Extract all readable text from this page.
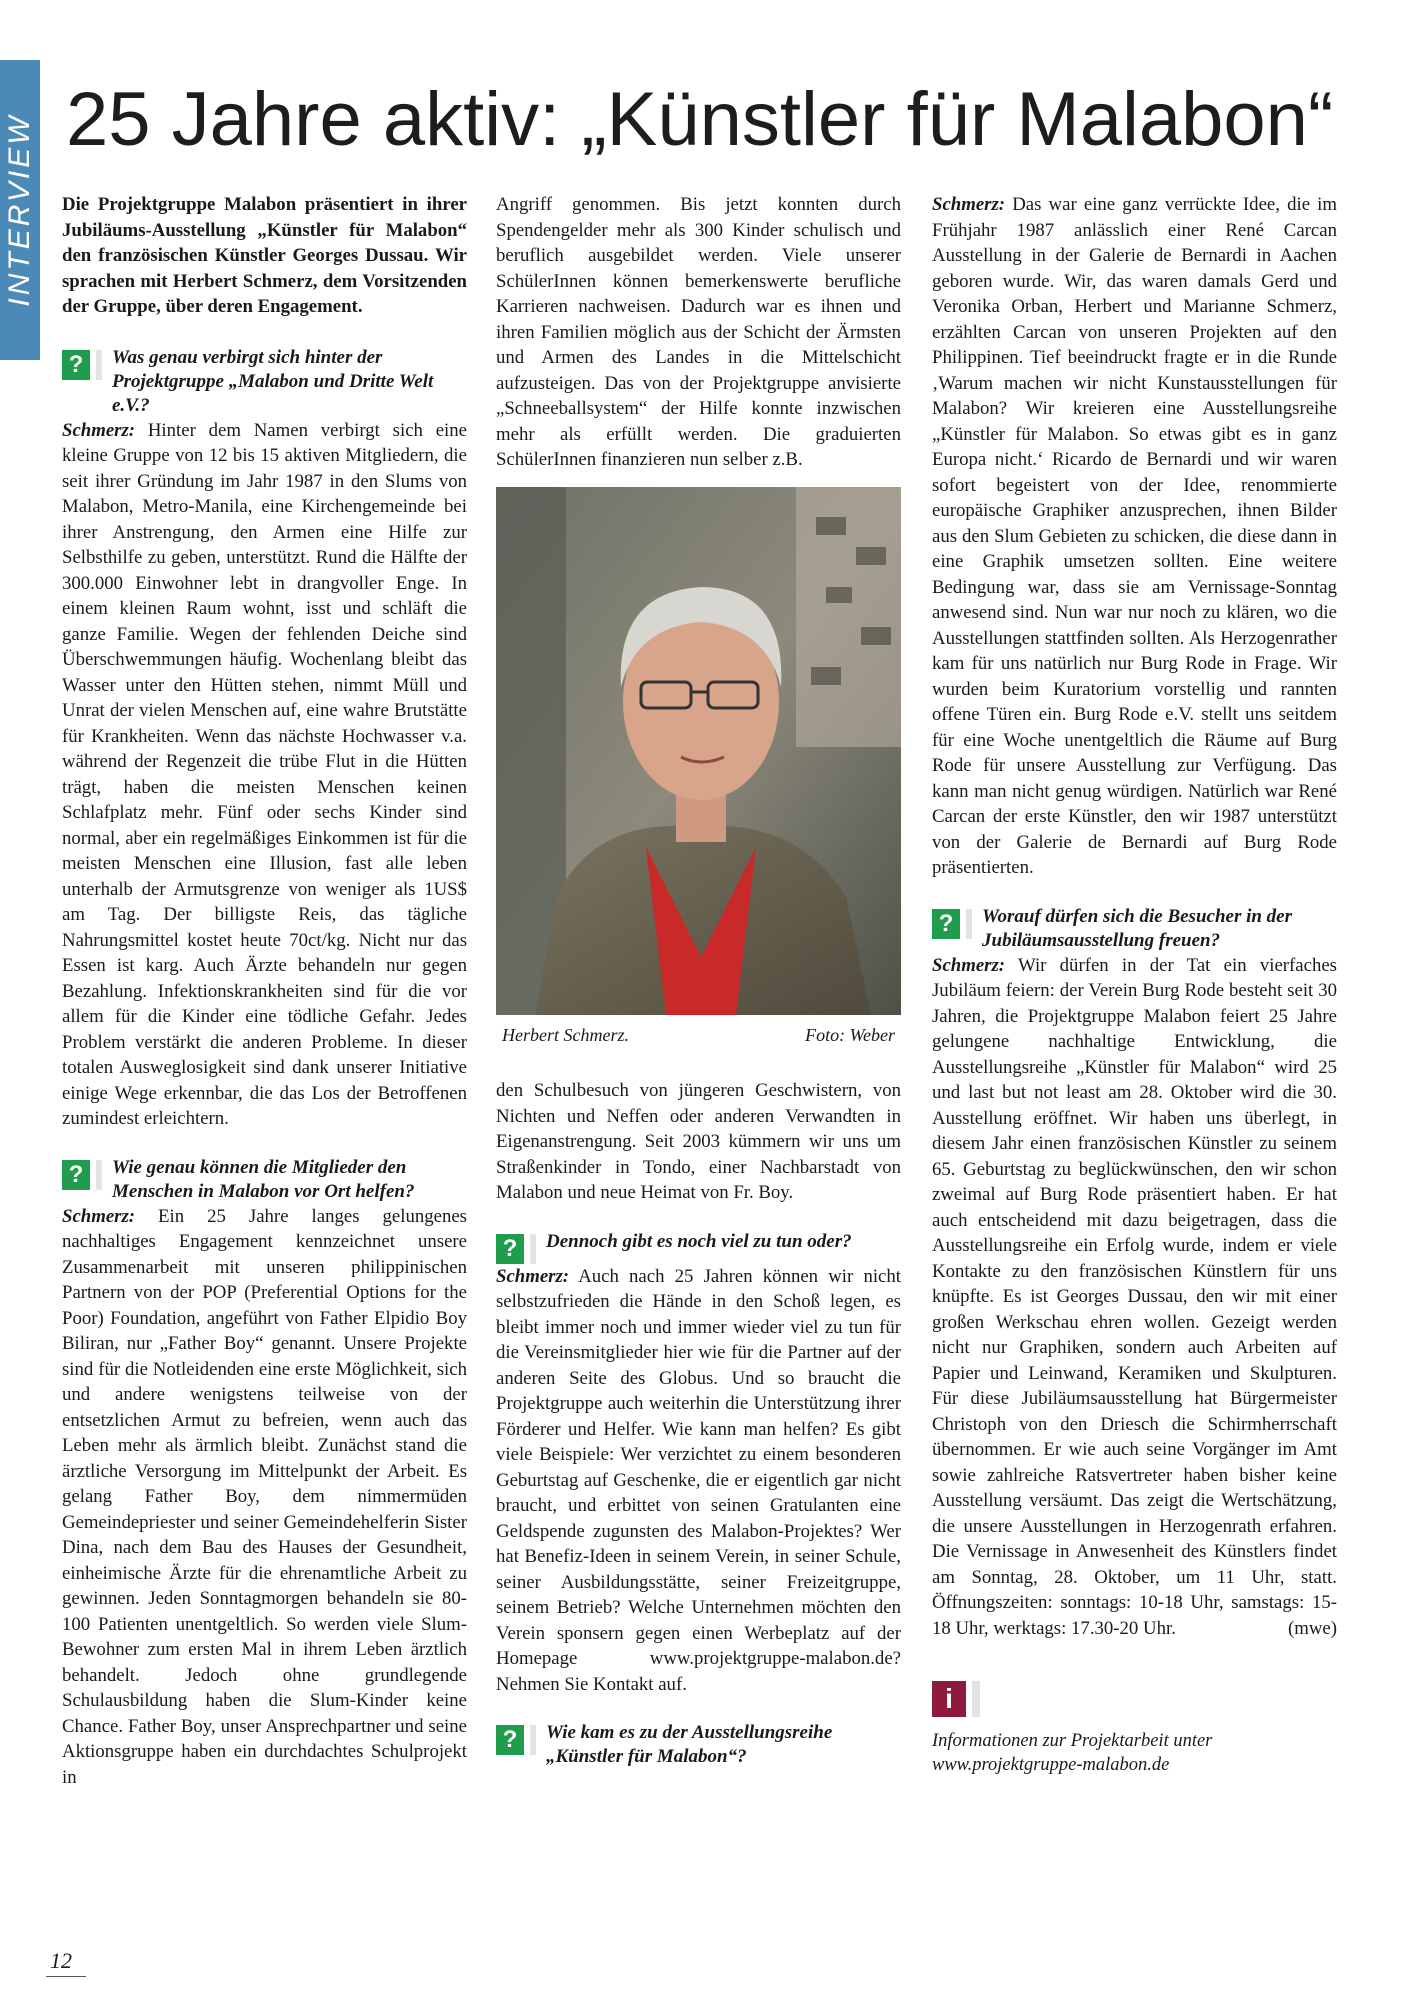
INTERVIEW 25 Jahre aktiv: „Künstler für Malabon“

Die Projektgruppe Malabon präsentiert in ihrer Jubiläums-Ausstellung „Künstler für Malabon“ den französischen Künstler Georges Dussau. Wir sprachen mit Herbert Schmerz, dem Vorsitzenden der Gruppe, über deren Engagement.

?	Was genau verbirgt sich hinter der Projektgruppe „Malabon und Dritte Welt e.V.?

Schmerz: Hinter dem Namen verbirgt sich eine kleine Gruppe von 12 bis 15 aktiven Mitgliedern, die seit ihrer Gründung im Jahr 1987 in den Slums von Malabon, Metro-Manila, eine Kirchengemeinde bei ihrer Anstrengung, den Armen eine Hilfe zur Selbsthilfe zu geben, unterstützt. Rund die Hälfte der 300.000 Einwohner lebt in drangvoller Enge. In einem kleinen Raum wohnt, isst und schläft die ganze Familie. Wegen der fehlenden Deiche sind Überschwemmungen häufig. Wochenlang bleibt das Wasser unter den Hütten stehen, nimmt Müll und Unrat der vielen Menschen auf, eine wahre Brutstätte für Krankheiten. Wenn das nächste Hochwasser v.a. während der Regenzeit die trübe Flut in die Hütten trägt, haben die meisten Menschen keinen Schlafplatz mehr. Fünf oder sechs Kinder sind normal, aber ein regelmäßiges Einkommen ist für die meisten Menschen eine Illusion, fast alle leben unterhalb der Armutsgrenze von weniger als 1US$ am Tag. Der billigste Reis, das tägliche Nahrungsmittel kostet heute 70ct/kg. Nicht nur das Essen ist karg. Auch Ärzte behandeln nur gegen Bezahlung. Infektionskrankheiten sind für die vor allem für die Kinder eine tödliche Gefahr. Jedes Problem verstärkt die anderen Probleme. In dieser totalen Ausweglosigkeit sind dank unserer Initiative einige Wege erkennbar, die das Los der Betroffenen zumindest erleichtern.

?	Wie genau können die Mitglieder den Menschen in Malabon vor Ort helfen?

Schmerz: Ein 25 Jahre langes gelungenes nachhaltiges Engagement kennzeichnet unsere Zusammenarbeit mit unseren philippinischen Partnern von der POP (Preferential Options for the Poor) Foundation, angeführt von Father Elpidio Boy Biliran, nur „Father Boy“ genannt. Unsere Projekte sind für die Notleidenden eine erste Möglichkeit, sich und andere wenigstens teilweise von der entsetzlichen Armut zu befreien, wenn auch das Leben mehr als ärmlich bleibt. Zunächst stand die ärztliche Versorgung im Mittelpunkt der Arbeit. Es gelang Father Boy, dem nimmermüden Gemeindepriester und seiner Gemeindehelferin Sister Dina, nach dem Bau des Hauses der Gesundheit, einheimische Ärzte für die ehrenamtliche Arbeit zu gewinnen. Jeden Sonntagmorgen behandeln sie 80-100 Patienten unentgeltlich. So werden viele Slum-Bewohner zum ersten Mal in ihrem Leben ärztlich behandelt. Jedoch ohne grundlegende Schulausbildung haben die Slum-Kinder keine Chance. Father Boy, unser Ansprechpartner und seine Aktionsgruppe haben ein durchdachtes Schulprojekt in

Angriff genommen. Bis jetzt konnten durch Spendengelder mehr als 300 Kinder schulisch und beruflich ausgebildet werden. Viele unserer SchülerInnen können bemerkenswerte berufliche Karrieren nachweisen. Dadurch war es ihnen und ihren Familien möglich aus der Schicht der Ärmsten und Armen des Landes in die Mittelschicht aufzusteigen. Das von der Projektgruppe anvisierte „Schneeballsystem“ der Hilfe konnte inzwischen mehr als erfüllt werden. Die graduierten SchülerInnen finanzieren nun selber z.B.

Herbert Schmerz.	Foto: Weber

den Schulbesuch von jüngeren Geschwistern, von Nichten und Neffen oder anderen Verwandten in Eigenanstrengung. Seit 2003 kümmern wir uns um Straßenkinder in Tondo, einer Nachbarstadt von Malabon und neue Heimat von Fr. Boy.

?	Dennoch gibt es noch viel zu tun oder?

Schmerz: Auch nach 25 Jahren können wir nicht selbstzufrieden die Hände in den Schoß legen, es bleibt immer noch und immer wieder viel zu tun für die Vereinsmitglieder hier wie für die Partner auf der anderen Seite des Globus. Und so braucht die Projektgruppe auch weiterhin die Unterstützung ihrer Förderer und Helfer. Wie kann man helfen? Es gibt viele Beispiele: Wer verzichtet zu einem besonderen Geburtstag auf Geschenke, die er eigentlich gar nicht braucht, und erbittet von seinen Gratulanten eine Geldspende zugunsten des Malabon-Projektes? Wer hat Benefiz-Ideen in seinem Verein, in seiner Schule, seiner Ausbildungsstätte, seiner Freizeitgruppe, seinem Betrieb? Welche Unternehmen möchten den Verein sponsern gegen einen Werbeplatz auf der Homepage www.projektgruppe-malabon.de? Nehmen Sie Kontakt auf.

?	Wie kam es zu der Ausstellungsreihe „Künstler für Malabon“?

Schmerz: Das war eine ganz verrückte Idee, die im Frühjahr 1987 anlässlich einer René Carcan Ausstellung in der Galerie de Bernardi in Aachen geboren wurde. Wir, das waren damals Gerd und Veronika Orban, Herbert und Marianne Schmerz, erzählten Carcan von unseren Projekten auf den Philippinen. Tief beeindruckt fragte er in die Runde ‚Warum machen wir nicht Kunstausstellungen für Malabon? Wir kreieren eine Ausstellungsreihe „Künstler für Malabon. So etwas gibt es in ganz Europa nicht.‘ Ricardo de Bernardi und wir waren sofort begeistert von der Idee, renommierte europäische Graphiker anzusprechen, ihnen Bilder aus den Slum Gebieten zu schicken, die diese dann in eine Graphik umsetzen sollten. Eine weitere Bedingung war, dass sie am Vernissage-Sonntag anwesend sind. Nun war nur noch zu klären, wo die Ausstellungen stattfinden sollten. Als Herzogenrather kam für uns natürlich nur Burg Rode in Frage. Wir wurden beim Kuratorium vorstellig und rannten offene Türen ein. Burg Rode e.V. stellt uns seitdem für eine Woche unentgeltlich die Räume auf Burg Rode für unsere Ausstellung zur Verfügung. Das kann man nicht genug würdigen. Natürlich war René Carcan der erste Künstler, den wir 1987 unterstützt von der Galerie de Bernardi auf Burg Rode präsentierten.

?	Worauf dürfen sich die Besucher in der Jubiläumsausstellung freuen?

Schmerz: Wir dürfen in der Tat ein vierfaches Jubiläum feiern: der Verein Burg Rode besteht seit 30 Jahren, die Projektgruppe Malabon feiert 25 Jahre gelungene nachhaltige Entwicklung, die Ausstellungsreihe „Künstler für Malabon“ wird 25 und last but not least am 28. Oktober wird die 30. Ausstellung eröffnet. Wir haben uns überlegt, in diesem Jahr einen französischen Künstler zu seinem 65. Geburtstag zu beglückwünschen, den wir schon zweimal auf Burg Rode präsentiert haben. Er hat auch entscheidend mit dazu beigetragen, dass die Ausstellungsreihe ein Erfolg wurde, indem er viele Kontakte zu den französischen Künstlern für uns knüpfte. Es ist Georges Dussau, den wir mit einer großen Werkschau ehren wollen. Gezeigt werden nicht nur Graphiken, sondern auch Arbeiten auf Papier und Leinwand, Keramiken und Skulpturen. Für diese Jubiläumsausstellung hat Bürgermeister Christoph von den Driesch die Schirmherrschaft übernommen. Er wie auch seine Vorgänger im Amt sowie zahlreiche Ratsvertreter haben bisher keine Ausstellung versäumt. Das zeigt die Wertschätzung, die unsere Ausstellungen in Herzogenrath erfahren. Die Vernissage in Anwesenheit des Künstlers findet am Sonntag, 28. Oktober, um 11 Uhr, statt. Öffnungszeiten: sonntags: 10-18 Uhr, samstags: 15-18 Uhr, werktags: 17.30-20 Uhr.	(mwe)

i
Informationen zur Projektarbeit unter www.projektgruppe-malabon.de
12
